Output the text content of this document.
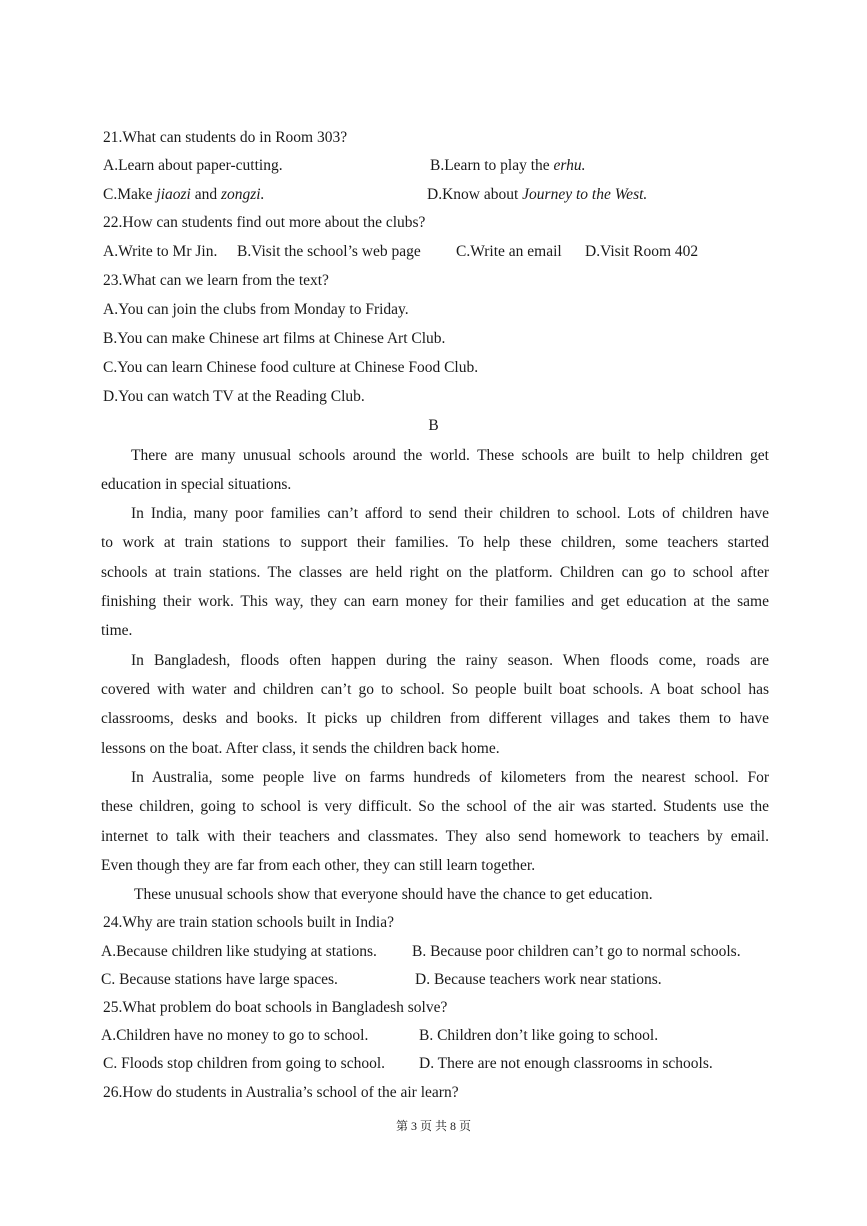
21.What can students do in Room 303?
A.Learn about paper-cutting.	B.Learn to play the erhu.
C.Make jiaozi and zongzi.	D.Know about Journey to the West.
22.How can students find out more about the clubs?
A.Write to Mr Jin. B.Visit the school’s web page C.Write an email D.Visit Room 402
23.What can we learn from the text?
A.You can join the clubs from Monday to Friday.
B.You can make Chinese art films at Chinese Art Club.
C.You can learn Chinese food culture at Chinese Food Club.
D.You can watch TV at the Reading Club.
B
There are many unusual schools around the world. These schools are built to help children get
education in special situations.
In India, many poor families can’t afford to send their children to school. Lots of children have
to work at train stations to support their families. To help these children, some teachers started
schools at train stations. The classes are held right on the platform. Children can go to school after
finishing their work. This way, they can earn money for their families and get education at the same
time.
In Bangladesh, floods often happen during the rainy season. When floods come, roads are
covered with water and children can’t go to school. So people built boat schools. A boat school has
classrooms, desks and books. It picks up children from different villages and takes them to have
lessons on the boat. After class, it sends the children back home.
In Australia, some people live on farms hundreds of kilometers from the nearest school. For
these children, going to school is very difficult. So the school of the air was started. Students use the
internet to talk with their teachers and classmates. They also send homework to teachers by email.
Even though they are far from each other, they can still learn together.
These unusual schools show that everyone should have the chance to get education.
24.Why are train station schools built in India?
A.Because children like studying at stations. B. Because poor children can’t go to normal schools.
C. Because stations have large spaces.	D. Because teachers work near stations.
25.What problem do boat schools in Bangladesh solve?
A.Children have no money to go to school.	B. Children don’t like going to school.
C. Floods stop children from going to school. D. There are not enough classrooms in schools.
26.How do students in Australia’s school of the air learn?
第 3 页 共 8 页
